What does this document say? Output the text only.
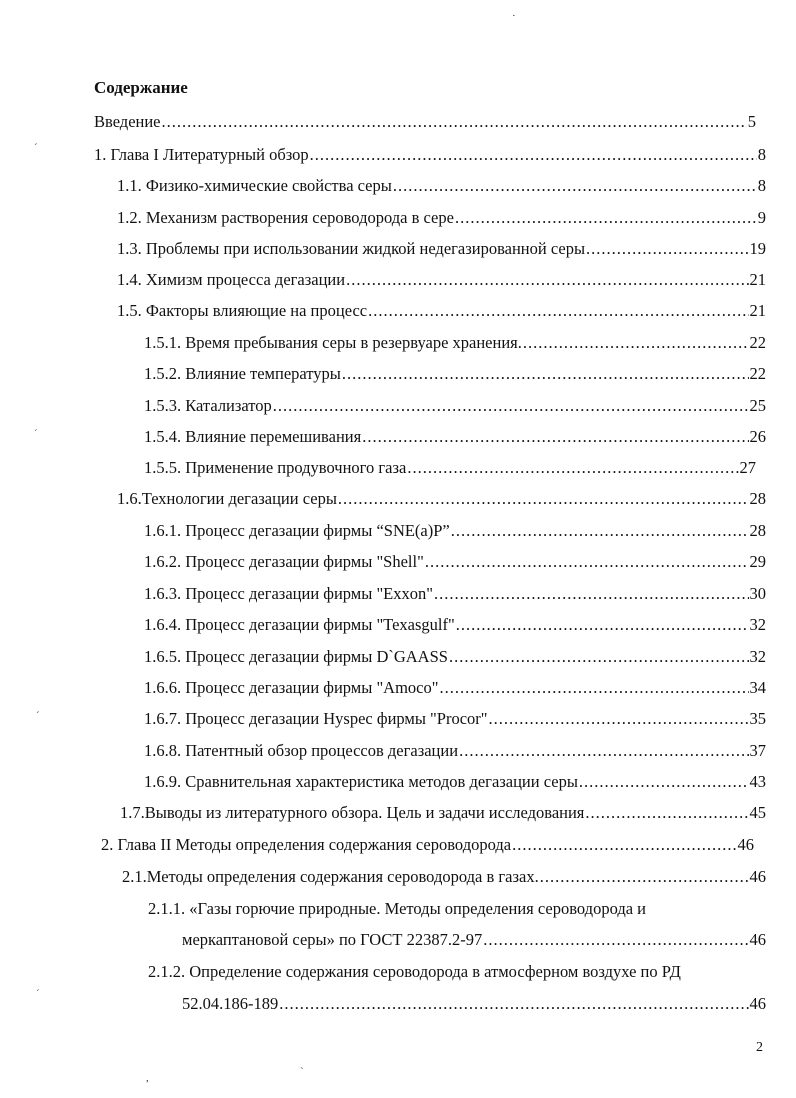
Содержание
Введение .....	5
1. Глава I Литературный обзор .....	8
1.1. Физико-химические свойства серы .....	8
1.2. Механизм растворения сероводорода в сере .....	9
1.3. Проблемы при использовании жидкой недегазированной серы .....	19
1.4. Химизм процесса дегазации .....	21
1.5. Факторы влияющие на процесс .....	21
1.5.1. Время пребывания серы в резервуаре хранения. .....	22
1.5.2. Влияние температуры .....	22
1.5.3. Катализатор .....	25
1.5.4. Влияние перемешивания .....	26
1.5.5. Применение продувочного газа .....	27
1.6.Технологии дегазации серы .....	28
1.6.1. Процесс дегазации фирмы “SNE(a)P” .....	28
1.6.2. Процесс дегазации фирмы "Shell" .....	29
1.6.3. Процесс дегазации фирмы "Exxon" .....	30
1.6.4. Процесс дегазации фирмы "Texasgulf" .....	32
1.6.5. Процесс дегазации фирмы D`GAASS .....	32
1.6.6. Процесс дегазации фирмы "Amoco" .....	34
1.6.7. Процесс дегазации Hyspec фирмы "Procor" .....	35
1.6.8. Патентный обзор процессов дегазации .....	37
1.6.9. Сравнительная характеристика методов дегазации серы .....	43
1.7.Выводы из литературного обзора. Цель и задачи исследования .....	45
2. Глава II Методы определения содержания сероводорода .....	46
2.1.Методы определения содержания сероводорода в газах. .....	46
2.1.1. «Газы горючие природные. Методы определения сероводорода и
меркаптановой серы» по ГОСТ 22387.2-97 .....	46
2.1.2. Определение содержания сероводорода в атмосферном воздухе по РД
52.04.186-189 .....	46
2
·
´
´
´
´
,	`
